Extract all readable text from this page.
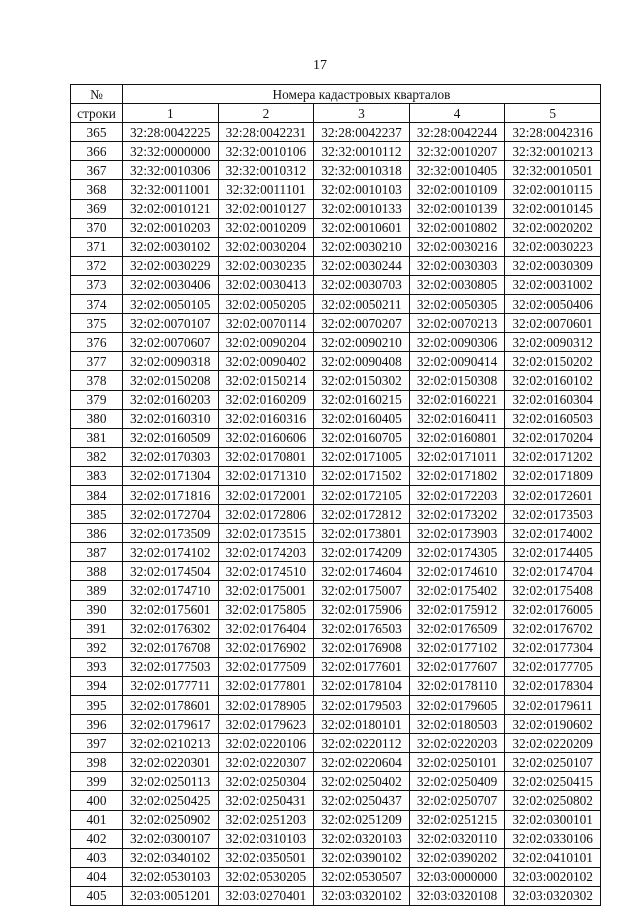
17
№	Номера кадастровых кварталов				
строки	1	2	3	4	5
365	32:28:0042225	32:28:0042231	32:28:0042237	32:28:0042244	32:28:0042316
366	32:32:0000000	32:32:0010106	32:32:0010112	32:32:0010207	32:32:0010213
367	32:32:0010306	32:32:0010312	32:32:0010318	32:32:0010405	32:32:0010501
368	32:32:0011001	32:32:0011101	32:02:0010103	32:02:0010109	32:02:0010115
369	32:02:0010121	32:02:0010127	32:02:0010133	32:02:0010139	32:02:0010145
370	32:02:0010203	32:02:0010209	32:02:0010601	32:02:0010802	32:02:0020202
371	32:02:0030102	32:02:0030204	32:02:0030210	32:02:0030216	32:02:0030223
372	32:02:0030229	32:02:0030235	32:02:0030244	32:02:0030303	32:02:0030309
373	32:02:0030406	32:02:0030413	32:02:0030703	32:02:0030805	32:02:0031002
374	32:02:0050105	32:02:0050205	32:02:0050211	32:02:0050305	32:02:0050406
375	32:02:0070107	32:02:0070114	32:02:0070207	32:02:0070213	32:02:0070601
376	32:02:0070607	32:02:0090204	32:02:0090210	32:02:0090306	32:02:0090312
377	32:02:0090318	32:02:0090402	32:02:0090408	32:02:0090414	32:02:0150202
378	32:02:0150208	32:02:0150214	32:02:0150302	32:02:0150308	32:02:0160102
379	32:02:0160203	32:02:0160209	32:02:0160215	32:02:0160221	32:02:0160304
380	32:02:0160310	32:02:0160316	32:02:0160405	32:02:0160411	32:02:0160503
381	32:02:0160509	32:02:0160606	32:02:0160705	32:02:0160801	32:02:0170204
382	32:02:0170303	32:02:0170801	32:02:0171005	32:02:0171011	32:02:0171202
383	32:02:0171304	32:02:0171310	32:02:0171502	32:02:0171802	32:02:0171809
384	32:02:0171816	32:02:0172001	32:02:0172105	32:02:0172203	32:02:0172601
385	32:02:0172704	32:02:0172806	32:02:0172812	32:02:0173202	32:02:0173503
386	32:02:0173509	32:02:0173515	32:02:0173801	32:02:0173903	32:02:0174002
387	32:02:0174102	32:02:0174203	32:02:0174209	32:02:0174305	32:02:0174405
388	32:02:0174504	32:02:0174510	32:02:0174604	32:02:0174610	32:02:0174704
389	32:02:0174710	32:02:0175001	32:02:0175007	32:02:0175402	32:02:0175408
390	32:02:0175601	32:02:0175805	32:02:0175906	32:02:0175912	32:02:0176005
391	32:02:0176302	32:02:0176404	32:02:0176503	32:02:0176509	32:02:0176702
392	32:02:0176708	32:02:0176902	32:02:0176908	32:02:0177102	32:02:0177304
393	32:02:0177503	32:02:0177509	32:02:0177601	32:02:0177607	32:02:0177705
394	32:02:0177711	32:02:0177801	32:02:0178104	32:02:0178110	32:02:0178304
395	32:02:0178601	32:02:0178905	32:02:0179503	32:02:0179605	32:02:0179611
396	32:02:0179617	32:02:0179623	32:02:0180101	32:02:0180503	32:02:0190602
397	32:02:0210213	32:02:0220106	32:02:0220112	32:02:0220203	32:02:0220209
398	32:02:0220301	32:02:0220307	32:02:0220604	32:02:0250101	32:02:0250107
399	32:02:0250113	32:02:0250304	32:02:0250402	32:02:0250409	32:02:0250415
400	32:02:0250425	32:02:0250431	32:02:0250437	32:02:0250707	32:02:0250802
401	32:02:0250902	32:02:0251203	32:02:0251209	32:02:0251215	32:02:0300101
402	32:02:0300107	32:02:0310103	32:02:0320103	32:02:0320110	32:02:0330106
403	32:02:0340102	32:02:0350501	32:02:0390102	32:02:0390202	32:02:0410101
404	32:02:0530103	32:02:0530205	32:02:0530507	32:03:0000000	32:03:0020102
405	32:03:0051201	32:03:0270401	32:03:0320102	32:03:0320108	32:03:0320302
